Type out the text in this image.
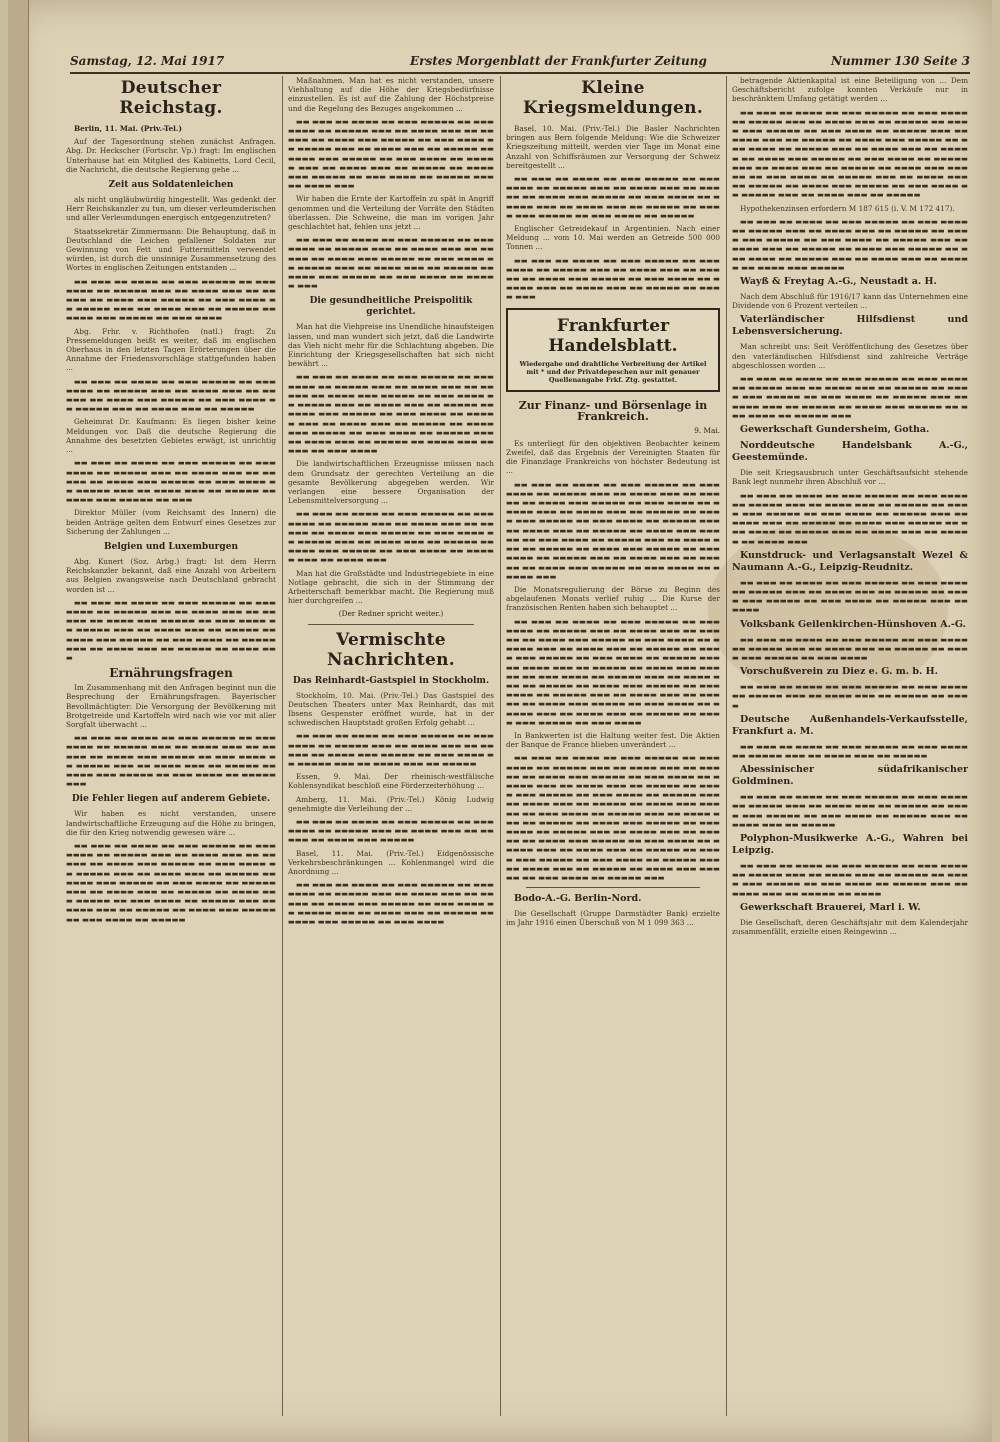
Samstag, 12. Mai 1917	Erstes Morgenblatt der Frankfurter Zeitung	Nummer 130 Seite 3
Deutscher Reichstag.

Berlin, 11. Mai. (Priv.-Tel.)

Auf der Tagesordnung stehen zunächst Anfragen. Abg. Dr. Heckscher (Fortschr. Vp.) fragt: Im englischen Unterhause hat ein Mitglied des Kabinetts, Lord Cecil, die Nachricht, die deutsche Regierung gehe ...

Zeit aus Soldatenleichen

als nicht ungläubwürdig hingestellt. Was gedenkt der Herr Reichskanzler zu tun, um dieser verleumderischen und aller Verleumdungen energisch entgegenzutreten?

Staatssekretär Zimmermann: Die Behauptung, daß in Deutschland die Leichen gefallener Soldaten zur Gewinnung von Fett und Futtermitteln verwendet würden, ist durch die unsinnige Zusammensetzung des Wortes in englischen Zeitungen entstanden ...

▬▬ ▬▬▬ ▬▬ ▬▬▬▬ ▬▬ ▬▬▬ ▬▬▬▬▬ ▬▬ ▬▬▬ ▬▬▬▬ ▬▬ ▬▬▬▬▬ ▬▬▬ ▬▬ ▬▬▬▬ ▬▬▬ ▬▬ ▬▬▬▬▬ ▬▬ ▬▬▬▬ ▬▬▬ ▬▬▬▬▬ ▬▬ ▬▬▬ ▬▬▬▬ ▬▬ ▬▬▬▬▬ ▬▬▬ ▬▬ ▬▬▬▬ ▬▬▬ ▬▬ ▬▬▬▬▬ ▬▬ ▬▬▬▬ ▬▬▬ ▬▬▬▬▬ ▬▬ ▬▬▬ ▬▬▬▬

Abg. Frhr. v. Richthofen (natl.) fragt: Zu Pressemeldungen heißt es weiter, daß im englischen Oberhaus in den letzten Tagen Erörterungen über die Annahme der Friedensvorschläge stattgefunden haben ...

▬▬ ▬▬▬ ▬▬ ▬▬▬▬ ▬▬ ▬▬▬ ▬▬▬▬▬ ▬▬ ▬▬▬ ▬▬▬▬ ▬▬ ▬▬▬▬▬ ▬▬▬ ▬▬ ▬▬▬▬ ▬▬▬ ▬▬ ▬▬▬▬▬ ▬▬ ▬▬▬▬ ▬▬▬ ▬▬▬▬▬ ▬▬ ▬▬▬ ▬▬▬▬ ▬▬ ▬▬▬▬▬ ▬▬▬ ▬▬ ▬▬▬▬ ▬▬▬ ▬▬ ▬▬▬▬▬

Geheimrat Dr. Kaufmann: Es liegen bisher keine Meldungen vor. Daß die deutsche Regierung die Annahme des besetzten Gebietes erwägt, ist unrichtig ...

▬▬ ▬▬▬ ▬▬ ▬▬▬▬ ▬▬ ▬▬▬ ▬▬▬▬▬ ▬▬ ▬▬▬ ▬▬▬▬ ▬▬ ▬▬▬▬▬ ▬▬▬ ▬▬ ▬▬▬▬ ▬▬▬ ▬▬ ▬▬▬▬▬ ▬▬ ▬▬▬▬ ▬▬▬ ▬▬▬▬▬ ▬▬ ▬▬▬ ▬▬▬▬ ▬▬ ▬▬▬▬▬ ▬▬▬ ▬▬ ▬▬▬▬ ▬▬▬ ▬▬ ▬▬▬▬▬ ▬▬ ▬▬▬▬ ▬▬▬ ▬▬▬▬▬ ▬▬ ▬▬▬

Direktor Müller (vom Reichsamt des Innern) die beiden Anträge gelten dem Entwurf eines Gesetzes zur Sicherung der Zahlungen ...

Belgien und Luxemburgen

Abg. Kunert (Soz. Arbg.) fragt: Ist dem Herrn Reichskanzler bekannt, daß eine Anzahl von Arbeitern aus Belgien zwangsweise nach Deutschland gebracht worden ist ...

▬▬ ▬▬▬ ▬▬ ▬▬▬▬ ▬▬ ▬▬▬ ▬▬▬▬▬ ▬▬ ▬▬▬ ▬▬▬▬ ▬▬ ▬▬▬▬▬ ▬▬▬ ▬▬ ▬▬▬▬ ▬▬▬ ▬▬ ▬▬▬▬▬ ▬▬ ▬▬▬▬ ▬▬▬ ▬▬▬▬▬ ▬▬ ▬▬▬ ▬▬▬▬ ▬▬ ▬▬▬▬▬ ▬▬▬ ▬▬ ▬▬▬▬ ▬▬▬ ▬▬ ▬▬▬▬▬ ▬▬ ▬▬▬▬ ▬▬▬ ▬▬▬▬▬ ▬▬ ▬▬▬ ▬▬▬▬ ▬▬ ▬▬▬▬▬ ▬▬▬ ▬▬ ▬▬▬▬ ▬▬▬ ▬▬ ▬▬▬▬▬ ▬▬ ▬▬▬▬ ▬▬▬

Ernährungsfragen

Im Zusammenhang mit den Anfragen beginnt nun die Besprechung der Ernährungsfragen. Bayerischer Bevollmächtigter: Die Versorgung der Bevölkerung mit Brotgetreide und Kartoffeln wird nach wie vor mit aller Sorgfalt überwacht ...

▬▬ ▬▬▬ ▬▬ ▬▬▬▬ ▬▬ ▬▬▬ ▬▬▬▬▬ ▬▬ ▬▬▬ ▬▬▬▬ ▬▬ ▬▬▬▬▬ ▬▬▬ ▬▬ ▬▬▬▬ ▬▬▬ ▬▬ ▬▬▬▬▬ ▬▬ ▬▬▬▬ ▬▬▬ ▬▬▬▬▬ ▬▬ ▬▬▬ ▬▬▬▬ ▬▬ ▬▬▬▬▬ ▬▬▬ ▬▬ ▬▬▬▬ ▬▬▬ ▬▬ ▬▬▬▬▬ ▬▬ ▬▬▬▬ ▬▬▬ ▬▬▬▬▬ ▬▬ ▬▬▬ ▬▬▬▬ ▬▬ ▬▬▬▬▬ ▬▬▬

Die Fehler liegen auf anderem Gebiete.

Wir haben es nicht verstanden, unsere landwirtschaftliche Erzeugung auf die Höhe zu bringen, die für den Krieg notwendig gewesen wäre ...

▬▬ ▬▬▬ ▬▬ ▬▬▬▬ ▬▬ ▬▬▬ ▬▬▬▬▬ ▬▬ ▬▬▬ ▬▬▬▬ ▬▬ ▬▬▬▬▬ ▬▬▬ ▬▬ ▬▬▬▬ ▬▬▬ ▬▬ ▬▬▬▬▬ ▬▬ ▬▬▬▬ ▬▬▬ ▬▬▬▬▬ ▬▬ ▬▬▬ ▬▬▬▬ ▬▬ ▬▬▬▬▬ ▬▬▬ ▬▬ ▬▬▬▬ ▬▬▬ ▬▬ ▬▬▬▬▬ ▬▬ ▬▬▬▬ ▬▬▬ ▬▬▬▬▬ ▬▬ ▬▬▬ ▬▬▬▬ ▬▬ ▬▬▬▬▬ ▬▬▬ ▬▬ ▬▬▬▬ ▬▬▬ ▬▬ ▬▬▬▬▬ ▬▬ ▬▬▬▬ ▬▬▬ ▬▬▬▬▬ ▬▬ ▬▬▬ ▬▬▬▬ ▬▬ ▬▬▬▬▬ ▬▬▬ ▬▬ ▬▬▬▬ ▬▬▬ ▬▬ ▬▬▬▬▬ ▬▬ ▬▬▬▬ ▬▬▬ ▬▬▬▬▬ ▬▬ ▬▬▬ ▬▬▬▬ ▬▬ ▬▬▬▬▬

Maßnahmen. Man hat es nicht verstanden, unsere Viehhaltung auf die Höhe der Kriegsbedürfnisse einzustellen. Es ist auf die Zahlung der Höchstpreise und die Regelung des Bezuges angekommen ...

▬▬ ▬▬▬ ▬▬ ▬▬▬▬ ▬▬ ▬▬▬ ▬▬▬▬▬ ▬▬ ▬▬▬ ▬▬▬▬ ▬▬ ▬▬▬▬▬ ▬▬▬ ▬▬ ▬▬▬▬ ▬▬▬ ▬▬ ▬▬▬▬▬ ▬▬ ▬▬▬▬ ▬▬▬ ▬▬▬▬▬ ▬▬ ▬▬▬ ▬▬▬▬ ▬▬ ▬▬▬▬▬ ▬▬▬ ▬▬ ▬▬▬▬ ▬▬▬ ▬▬ ▬▬▬▬▬ ▬▬ ▬▬▬▬ ▬▬▬ ▬▬▬▬▬ ▬▬ ▬▬▬ ▬▬▬▬ ▬▬ ▬▬▬▬▬ ▬▬▬ ▬▬ ▬▬▬▬ ▬▬▬ ▬▬ ▬▬▬▬▬ ▬▬ ▬▬▬▬ ▬▬▬ ▬▬▬▬▬ ▬▬ ▬▬▬ ▬▬▬▬ ▬▬ ▬▬▬▬▬ ▬▬▬ ▬▬ ▬▬▬▬ ▬▬▬

Wir haben die Ernte der Kartoffeln zu spät in Angriff genommen und die Verteilung der Vorräte den Städten überlassen. Die Schweine, die man im vorigen Jahr geschlachtet hat, fehlen uns jetzt ...

▬▬ ▬▬▬ ▬▬ ▬▬▬▬ ▬▬ ▬▬▬ ▬▬▬▬▬ ▬▬ ▬▬▬ ▬▬▬▬ ▬▬ ▬▬▬▬▬ ▬▬▬ ▬▬ ▬▬▬▬ ▬▬▬ ▬▬ ▬▬▬▬▬ ▬▬ ▬▬▬▬ ▬▬▬ ▬▬▬▬▬ ▬▬ ▬▬▬ ▬▬▬▬ ▬▬ ▬▬▬▬▬ ▬▬▬ ▬▬ ▬▬▬▬ ▬▬▬ ▬▬ ▬▬▬▬▬ ▬▬ ▬▬▬▬ ▬▬▬ ▬▬▬▬▬ ▬▬ ▬▬▬ ▬▬▬▬ ▬▬ ▬▬▬▬▬ ▬▬▬

Die gesundheitliche Preispolitik gerichtet.

Man hat die Viehpreise ins Unendliche hinaufsteigen lassen, und man wundert sich jetzt, daß die Landwirte das Vieh nicht mehr für die Schlachtung abgeben. Die Einrichtung der Kriegsgesellschaften hat sich nicht bewährt ...

▬▬ ▬▬▬ ▬▬ ▬▬▬▬ ▬▬ ▬▬▬ ▬▬▬▬▬ ▬▬ ▬▬▬ ▬▬▬▬ ▬▬ ▬▬▬▬▬ ▬▬▬ ▬▬ ▬▬▬▬ ▬▬▬ ▬▬ ▬▬▬▬▬ ▬▬ ▬▬▬▬ ▬▬▬ ▬▬▬▬▬ ▬▬ ▬▬▬ ▬▬▬▬ ▬▬ ▬▬▬▬▬ ▬▬▬ ▬▬ ▬▬▬▬ ▬▬▬ ▬▬ ▬▬▬▬▬ ▬▬ ▬▬▬▬ ▬▬▬ ▬▬▬▬▬ ▬▬ ▬▬▬ ▬▬▬▬ ▬▬ ▬▬▬▬▬ ▬▬▬ ▬▬ ▬▬▬▬ ▬▬▬ ▬▬ ▬▬▬▬▬ ▬▬ ▬▬▬▬ ▬▬▬ ▬▬▬▬▬ ▬▬ ▬▬▬ ▬▬▬▬ ▬▬ ▬▬▬▬▬ ▬▬▬ ▬▬ ▬▬▬▬ ▬▬▬ ▬▬ ▬▬▬▬▬ ▬▬ ▬▬▬▬ ▬▬▬ ▬▬▬▬▬ ▬▬ ▬▬▬ ▬▬▬▬

Die landwirtschaftlichen Erzeugnisse müssen nach dem Grundsatz der gerechten Verteilung an die gesamte Bevölkerung abgegeben werden. Wir verlangen eine bessere Organisation der Lebensmittelversorgung ...

▬▬ ▬▬▬ ▬▬ ▬▬▬▬ ▬▬ ▬▬▬ ▬▬▬▬▬ ▬▬ ▬▬▬ ▬▬▬▬ ▬▬ ▬▬▬▬▬ ▬▬▬ ▬▬ ▬▬▬▬ ▬▬▬ ▬▬ ▬▬▬▬▬ ▬▬ ▬▬▬▬ ▬▬▬ ▬▬▬▬▬ ▬▬ ▬▬▬ ▬▬▬▬ ▬▬ ▬▬▬▬▬ ▬▬▬ ▬▬ ▬▬▬▬ ▬▬▬ ▬▬ ▬▬▬▬▬ ▬▬ ▬▬▬▬ ▬▬▬ ▬▬▬▬▬ ▬▬ ▬▬▬ ▬▬▬▬ ▬▬ ▬▬▬▬▬ ▬▬▬ ▬▬ ▬▬▬▬ ▬▬▬

Man hat die Großstädte und Industriegebiete in eine Notlage gebracht, die sich in der Stimmung der Arbeiterschaft bemerkbar macht. Die Regierung muß hier durchgreifen ...

(Der Redner spricht weiter.)

Vermischte Nachrichten.
Das Reinhardt-Gastspiel in Stockholm.

Stockholm, 10. Mai. (Priv.-Tel.) Das Gastspiel des Deutschen Theaters unter Max Reinhardt, das mit Ibsens Gespenster eröffnet wurde, hat in der schwedischen Hauptstadt großen Erfolg gehabt ...

▬▬ ▬▬▬ ▬▬ ▬▬▬▬ ▬▬ ▬▬▬ ▬▬▬▬▬ ▬▬ ▬▬▬ ▬▬▬▬ ▬▬ ▬▬▬▬▬ ▬▬▬ ▬▬ ▬▬▬▬ ▬▬▬ ▬▬ ▬▬▬▬▬ ▬▬ ▬▬▬▬ ▬▬▬ ▬▬▬▬▬ ▬▬ ▬▬▬ ▬▬▬▬ ▬▬ ▬▬▬▬▬ ▬▬▬ ▬▬ ▬▬▬▬ ▬▬▬ ▬▬ ▬▬▬▬▬

Essen, 9. Mai. Der rheinisch-westfälische Kohlensyndikat beschloß eine Förderzeiterhöhung ...

Amberg, 11. Mai. (Priv.-Tel.) König Ludwig genehmigte die Verleihung der ...

▬▬ ▬▬▬ ▬▬ ▬▬▬▬ ▬▬ ▬▬▬ ▬▬▬▬▬ ▬▬ ▬▬▬ ▬▬▬▬ ▬▬ ▬▬▬▬▬ ▬▬▬ ▬▬ ▬▬▬▬ ▬▬▬ ▬▬ ▬▬▬▬▬ ▬▬ ▬▬▬▬ ▬▬▬ ▬▬▬▬▬

Basel, 11. Mai. (Priv.-Tel.) Eidgenössische Verkehrsbeschränkungen ... Kohlenmangel wird die Anordnung ...

▬▬ ▬▬▬ ▬▬ ▬▬▬▬ ▬▬ ▬▬▬ ▬▬▬▬▬ ▬▬ ▬▬▬ ▬▬▬▬ ▬▬ ▬▬▬▬▬ ▬▬▬ ▬▬ ▬▬▬▬ ▬▬▬ ▬▬ ▬▬▬▬▬ ▬▬ ▬▬▬▬ ▬▬▬ ▬▬▬▬▬ ▬▬ ▬▬▬ ▬▬▬▬ ▬▬ ▬▬▬▬▬ ▬▬▬ ▬▬ ▬▬▬▬ ▬▬▬ ▬▬ ▬▬▬▬▬ ▬▬ ▬▬▬▬ ▬▬▬ ▬▬▬▬▬ ▬▬ ▬▬▬ ▬▬▬▬

Kleine Kriegsmeldungen.

Basel, 10. Mai. (Priv.-Tel.) Die Basler Nachrichten bringen aus Bern folgende Meldung: Wie die Schweizer Kriegszeitung mitteilt, werden vier Tage im Monat eine Anzahl von Schiffsräumen zur Versorgung der Schweiz bereitgestellt ...

▬▬ ▬▬▬ ▬▬ ▬▬▬▬ ▬▬ ▬▬▬ ▬▬▬▬▬ ▬▬ ▬▬▬ ▬▬▬▬ ▬▬ ▬▬▬▬▬ ▬▬▬ ▬▬ ▬▬▬▬ ▬▬▬ ▬▬ ▬▬▬▬▬ ▬▬ ▬▬▬▬ ▬▬▬ ▬▬▬▬▬ ▬▬ ▬▬▬ ▬▬▬▬ ▬▬ ▬▬▬▬▬ ▬▬▬ ▬▬ ▬▬▬▬ ▬▬▬ ▬▬ ▬▬▬▬▬ ▬▬ ▬▬▬▬ ▬▬▬ ▬▬▬▬▬ ▬▬ ▬▬▬ ▬▬▬▬ ▬▬ ▬▬▬▬▬

Englischer Getreidekauf in Argentinien. Nach einer Meldung ... vom 10. Mai werden an Getreide 500 000 Tonnen ...

▬▬ ▬▬▬ ▬▬ ▬▬▬▬ ▬▬ ▬▬▬ ▬▬▬▬▬ ▬▬ ▬▬▬ ▬▬▬▬ ▬▬ ▬▬▬▬▬ ▬▬▬ ▬▬ ▬▬▬▬ ▬▬▬ ▬▬ ▬▬▬▬▬ ▬▬ ▬▬▬▬ ▬▬▬ ▬▬▬▬▬ ▬▬ ▬▬▬ ▬▬▬▬ ▬▬ ▬▬▬▬▬ ▬▬▬ ▬▬ ▬▬▬▬ ▬▬▬ ▬▬ ▬▬▬▬▬ ▬▬ ▬▬▬▬ ▬▬▬

Frankfurter Handelsblatt.
Wiedergabe und drahtliche Verbreitung der Artikel mit * und der Privatdepeschen nur mit genauer Quellenangabe Frkf. Ztg. gestattet.
Zur Finanz- und Börsenlage in Frankreich.

9. Mai.

Es unterliegt für den objektiven Beobachter keinem Zweifel, daß das Ergebnis der Vereinigten Staaten für die Finanzlage Frankreichs von höchster Bedeutung ist ...

▬▬ ▬▬▬ ▬▬ ▬▬▬▬ ▬▬ ▬▬▬ ▬▬▬▬▬ ▬▬ ▬▬▬ ▬▬▬▬ ▬▬ ▬▬▬▬▬ ▬▬▬ ▬▬ ▬▬▬▬ ▬▬▬ ▬▬ ▬▬▬▬▬ ▬▬ ▬▬▬▬ ▬▬▬ ▬▬▬▬▬ ▬▬ ▬▬▬ ▬▬▬▬ ▬▬ ▬▬▬▬▬ ▬▬▬ ▬▬ ▬▬▬▬ ▬▬▬ ▬▬ ▬▬▬▬▬ ▬▬ ▬▬▬▬ ▬▬▬ ▬▬▬▬▬ ▬▬ ▬▬▬ ▬▬▬▬ ▬▬ ▬▬▬▬▬ ▬▬▬ ▬▬ ▬▬▬▬ ▬▬▬ ▬▬ ▬▬▬▬▬ ▬▬ ▬▬▬▬ ▬▬▬ ▬▬▬▬▬ ▬▬ ▬▬▬ ▬▬▬▬ ▬▬ ▬▬▬▬▬ ▬▬▬ ▬▬ ▬▬▬▬ ▬▬▬ ▬▬ ▬▬▬▬▬ ▬▬ ▬▬▬▬ ▬▬▬ ▬▬▬▬▬ ▬▬ ▬▬▬ ▬▬▬▬ ▬▬ ▬▬▬▬▬ ▬▬▬ ▬▬ ▬▬▬▬ ▬▬▬ ▬▬ ▬▬▬▬▬ ▬▬ ▬▬▬▬ ▬▬▬ ▬▬▬▬▬ ▬▬ ▬▬▬ ▬▬▬▬ ▬▬ ▬▬▬▬▬ ▬▬▬

Die Monatsregulierung der Börse zu Beginn des abgelaufenen Monats verlief ruhig ... Die Kurse der französischen Renten haben sich behauptet ...

▬▬ ▬▬▬ ▬▬ ▬▬▬▬ ▬▬ ▬▬▬ ▬▬▬▬▬ ▬▬ ▬▬▬ ▬▬▬▬ ▬▬ ▬▬▬▬▬ ▬▬▬ ▬▬ ▬▬▬▬ ▬▬▬ ▬▬ ▬▬▬▬▬ ▬▬ ▬▬▬▬ ▬▬▬ ▬▬▬▬▬ ▬▬ ▬▬▬ ▬▬▬▬ ▬▬ ▬▬▬▬▬ ▬▬▬ ▬▬ ▬▬▬▬ ▬▬▬ ▬▬ ▬▬▬▬▬ ▬▬ ▬▬▬▬ ▬▬▬ ▬▬▬▬▬ ▬▬ ▬▬▬ ▬▬▬▬ ▬▬ ▬▬▬▬▬ ▬▬▬ ▬▬ ▬▬▬▬ ▬▬▬ ▬▬ ▬▬▬▬▬ ▬▬ ▬▬▬▬ ▬▬▬ ▬▬▬▬▬ ▬▬ ▬▬▬ ▬▬▬▬ ▬▬ ▬▬▬▬▬ ▬▬▬ ▬▬ ▬▬▬▬ ▬▬▬ ▬▬ ▬▬▬▬▬ ▬▬ ▬▬▬▬ ▬▬▬ ▬▬▬▬▬ ▬▬ ▬▬▬ ▬▬▬▬ ▬▬ ▬▬▬▬▬ ▬▬▬ ▬▬ ▬▬▬▬ ▬▬▬ ▬▬ ▬▬▬▬▬ ▬▬ ▬▬▬▬ ▬▬▬ ▬▬▬▬▬ ▬▬ ▬▬▬ ▬▬▬▬ ▬▬ ▬▬▬▬▬ ▬▬▬ ▬▬ ▬▬▬▬ ▬▬▬ ▬▬ ▬▬▬▬▬ ▬▬ ▬▬▬▬ ▬▬▬ ▬▬▬▬▬ ▬▬ ▬▬▬ ▬▬▬▬

In Bankwerten ist die Haltung weiter fest. Die Aktien der Banque de France blieben unverändert ...

▬▬ ▬▬▬ ▬▬ ▬▬▬▬ ▬▬ ▬▬▬ ▬▬▬▬▬ ▬▬ ▬▬▬ ▬▬▬▬ ▬▬ ▬▬▬▬▬ ▬▬▬ ▬▬ ▬▬▬▬ ▬▬▬ ▬▬ ▬▬▬▬▬ ▬▬ ▬▬▬▬ ▬▬▬ ▬▬▬▬▬ ▬▬ ▬▬▬ ▬▬▬▬ ▬▬ ▬▬▬▬▬ ▬▬▬ ▬▬ ▬▬▬▬ ▬▬▬ ▬▬ ▬▬▬▬▬ ▬▬ ▬▬▬▬ ▬▬▬ ▬▬▬▬▬ ▬▬ ▬▬▬ ▬▬▬▬ ▬▬ ▬▬▬▬▬ ▬▬▬ ▬▬ ▬▬▬▬ ▬▬▬ ▬▬ ▬▬▬▬▬ ▬▬ ▬▬▬▬ ▬▬▬ ▬▬▬▬▬ ▬▬ ▬▬▬ ▬▬▬▬ ▬▬ ▬▬▬▬▬ ▬▬▬ ▬▬ ▬▬▬▬ ▬▬▬ ▬▬ ▬▬▬▬▬ ▬▬ ▬▬▬▬ ▬▬▬ ▬▬▬▬▬ ▬▬ ▬▬▬ ▬▬▬▬ ▬▬ ▬▬▬▬▬ ▬▬▬ ▬▬ ▬▬▬▬ ▬▬▬ ▬▬ ▬▬▬▬▬ ▬▬ ▬▬▬▬ ▬▬▬ ▬▬▬▬▬ ▬▬ ▬▬▬ ▬▬▬▬ ▬▬ ▬▬▬▬▬ ▬▬▬ ▬▬ ▬▬▬▬ ▬▬▬ ▬▬ ▬▬▬▬▬ ▬▬ ▬▬▬▬ ▬▬▬ ▬▬▬▬▬ ▬▬ ▬▬▬ ▬▬▬▬ ▬▬ ▬▬▬▬▬ ▬▬▬ ▬▬ ▬▬▬▬ ▬▬▬ ▬▬ ▬▬▬▬▬ ▬▬ ▬▬▬▬ ▬▬▬ ▬▬▬▬▬ ▬▬ ▬▬▬ ▬▬▬▬ ▬▬ ▬▬▬▬▬ ▬▬▬

Bodo-A.-G. Berlin-Nord.

Die Gesellschaft (Gruppe Darmstädter Bank) erzielte im Jahr 1916 einen Überschuß von M 1 099 363 ...

betragende Aktienkapital ist eine Beteiligung von ... Dem Geschäftsbericht zufolge konnten Verkäufe nur in beschränktem Umfang getätigt werden ...

▬▬ ▬▬▬ ▬▬ ▬▬▬▬ ▬▬ ▬▬▬ ▬▬▬▬▬ ▬▬ ▬▬▬ ▬▬▬▬ ▬▬ ▬▬▬▬▬ ▬▬▬ ▬▬ ▬▬▬▬ ▬▬▬ ▬▬ ▬▬▬▬▬ ▬▬ ▬▬▬▬ ▬▬▬ ▬▬▬▬▬ ▬▬ ▬▬▬ ▬▬▬▬ ▬▬ ▬▬▬▬▬ ▬▬▬ ▬▬ ▬▬▬▬ ▬▬▬ ▬▬ ▬▬▬▬▬ ▬▬ ▬▬▬▬ ▬▬▬ ▬▬▬▬▬ ▬▬ ▬▬▬ ▬▬▬▬ ▬▬ ▬▬▬▬▬ ▬▬▬ ▬▬ ▬▬▬▬ ▬▬▬ ▬▬ ▬▬▬▬▬ ▬▬ ▬▬▬▬ ▬▬▬ ▬▬▬▬▬ ▬▬ ▬▬▬ ▬▬▬▬ ▬▬ ▬▬▬▬▬ ▬▬▬ ▬▬ ▬▬▬▬ ▬▬▬ ▬▬ ▬▬▬▬▬ ▬▬ ▬▬▬▬ ▬▬▬ ▬▬▬▬▬ ▬▬ ▬▬▬ ▬▬▬▬ ▬▬ ▬▬▬▬▬ ▬▬▬ ▬▬ ▬▬▬▬ ▬▬▬ ▬▬ ▬▬▬▬▬ ▬▬ ▬▬▬▬ ▬▬▬ ▬▬▬▬▬ ▬▬ ▬▬▬ ▬▬▬▬ ▬▬ ▬▬▬▬▬ ▬▬▬ ▬▬ ▬▬▬▬ ▬▬▬ ▬▬ ▬▬▬▬▬

Hypothekenzinsen erfordern M 187 615 (i. V. M 172 417).

▬▬ ▬▬▬ ▬▬ ▬▬▬▬ ▬▬ ▬▬▬ ▬▬▬▬▬ ▬▬ ▬▬▬ ▬▬▬▬ ▬▬ ▬▬▬▬▬ ▬▬▬ ▬▬ ▬▬▬▬ ▬▬▬ ▬▬ ▬▬▬▬▬ ▬▬ ▬▬▬▬ ▬▬▬ ▬▬▬▬▬ ▬▬ ▬▬▬ ▬▬▬▬ ▬▬ ▬▬▬▬▬ ▬▬▬ ▬▬ ▬▬▬▬ ▬▬▬ ▬▬ ▬▬▬▬▬ ▬▬ ▬▬▬▬ ▬▬▬ ▬▬▬▬▬ ▬▬ ▬▬▬ ▬▬▬▬ ▬▬ ▬▬▬▬▬ ▬▬▬ ▬▬ ▬▬▬▬ ▬▬▬ ▬▬ ▬▬▬▬▬ ▬▬ ▬▬▬▬ ▬▬▬ ▬▬▬▬▬

Wayß & Freytag A.-G., Neustadt a. H.

Nach dem Abschluß für 1916/17 kann das Unternehmen eine Dividende von 6 Prozent verteilen ...

Vaterländischer Hilfsdienst und Lebensversicherung.

Man schreibt uns: Seit Veröffentlichung des Gesetzes über den vaterländischen Hilfsdienst sind zahlreiche Verträge abgeschlossen worden ...

▬▬ ▬▬▬ ▬▬ ▬▬▬▬ ▬▬ ▬▬▬ ▬▬▬▬▬ ▬▬ ▬▬▬ ▬▬▬▬ ▬▬ ▬▬▬▬▬ ▬▬▬ ▬▬ ▬▬▬▬ ▬▬▬ ▬▬ ▬▬▬▬▬ ▬▬ ▬▬▬▬ ▬▬▬ ▬▬▬▬▬ ▬▬ ▬▬▬ ▬▬▬▬ ▬▬ ▬▬▬▬▬ ▬▬▬ ▬▬ ▬▬▬▬ ▬▬▬ ▬▬ ▬▬▬▬▬ ▬▬ ▬▬▬▬ ▬▬▬ ▬▬▬▬▬ ▬▬ ▬▬▬ ▬▬▬▬ ▬▬ ▬▬▬▬▬ ▬▬▬

Gewerkschaft Gundersheim, Gotha.

Norddeutsche Handelsbank A.-G., Geestemünde.

Die seit Kriegsausbruch unter Geschäftsaufsicht stehende Bank legt nunmehr ihren Abschluß vor ...

▬▬ ▬▬▬ ▬▬ ▬▬▬▬ ▬▬ ▬▬▬ ▬▬▬▬▬ ▬▬ ▬▬▬ ▬▬▬▬ ▬▬ ▬▬▬▬▬ ▬▬▬ ▬▬ ▬▬▬▬ ▬▬▬ ▬▬ ▬▬▬▬▬ ▬▬ ▬▬▬▬ ▬▬▬ ▬▬▬▬▬ ▬▬ ▬▬▬ ▬▬▬▬ ▬▬ ▬▬▬▬▬ ▬▬▬ ▬▬ ▬▬▬▬ ▬▬▬ ▬▬ ▬▬▬▬▬ ▬▬ ▬▬▬▬ ▬▬▬ ▬▬▬▬▬ ▬▬ ▬▬▬ ▬▬▬▬ ▬▬ ▬▬▬▬▬ ▬▬▬ ▬▬ ▬▬▬▬ ▬▬▬ ▬▬ ▬▬▬▬▬ ▬▬ ▬▬▬▬ ▬▬▬

Kunstdruck- und Verlagsanstalt Wezel & Naumann A.-G., Leipzig-Reudnitz.

▬▬ ▬▬▬ ▬▬ ▬▬▬▬ ▬▬ ▬▬▬ ▬▬▬▬▬ ▬▬ ▬▬▬ ▬▬▬▬ ▬▬ ▬▬▬▬▬ ▬▬▬ ▬▬ ▬▬▬▬ ▬▬▬ ▬▬ ▬▬▬▬▬ ▬▬ ▬▬▬▬ ▬▬▬ ▬▬▬▬▬ ▬▬ ▬▬▬ ▬▬▬▬ ▬▬ ▬▬▬▬▬ ▬▬▬ ▬▬ ▬▬▬▬

Volksbank Geilenkirchen-Hünshoven A.-G.

▬▬ ▬▬▬ ▬▬ ▬▬▬▬ ▬▬ ▬▬▬ ▬▬▬▬▬ ▬▬ ▬▬▬ ▬▬▬▬ ▬▬ ▬▬▬▬▬ ▬▬▬ ▬▬ ▬▬▬▬ ▬▬▬ ▬▬ ▬▬▬▬▬ ▬▬ ▬▬▬▬ ▬▬▬ ▬▬▬▬▬ ▬▬ ▬▬▬ ▬▬▬▬

Vorschußverein zu Diez e. G. m. b. H.

▬▬ ▬▬▬ ▬▬ ▬▬▬▬ ▬▬ ▬▬▬ ▬▬▬▬▬ ▬▬ ▬▬▬ ▬▬▬▬ ▬▬ ▬▬▬▬▬ ▬▬▬ ▬▬ ▬▬▬▬ ▬▬▬ ▬▬ ▬▬▬▬▬ ▬▬ ▬▬▬▬

Deutsche Außenhandels-Verkaufsstelle, Frankfurt a. M.

▬▬ ▬▬▬ ▬▬ ▬▬▬▬ ▬▬ ▬▬▬ ▬▬▬▬▬ ▬▬ ▬▬▬ ▬▬▬▬ ▬▬ ▬▬▬▬▬ ▬▬▬ ▬▬ ▬▬▬▬ ▬▬▬ ▬▬ ▬▬▬▬▬

Abessinischer südafrikanischer Goldminen.

▬▬ ▬▬▬ ▬▬ ▬▬▬▬ ▬▬ ▬▬▬ ▬▬▬▬▬ ▬▬ ▬▬▬ ▬▬▬▬ ▬▬ ▬▬▬▬▬ ▬▬▬ ▬▬ ▬▬▬▬ ▬▬▬ ▬▬ ▬▬▬▬▬ ▬▬ ▬▬▬▬ ▬▬▬ ▬▬▬▬▬ ▬▬ ▬▬▬ ▬▬▬▬ ▬▬ ▬▬▬▬▬ ▬▬▬ ▬▬ ▬▬▬▬ ▬▬▬ ▬▬ ▬▬▬▬▬

Polyphon-Musikwerke A.-G., Wahren bei Leipzig.

▬▬ ▬▬▬ ▬▬ ▬▬▬▬ ▬▬ ▬▬▬ ▬▬▬▬▬ ▬▬ ▬▬▬ ▬▬▬▬ ▬▬ ▬▬▬▬▬ ▬▬▬ ▬▬ ▬▬▬▬ ▬▬▬ ▬▬ ▬▬▬▬▬ ▬▬ ▬▬▬▬ ▬▬▬ ▬▬▬▬▬ ▬▬ ▬▬▬ ▬▬▬▬ ▬▬ ▬▬▬▬▬ ▬▬▬ ▬▬ ▬▬▬▬ ▬▬▬ ▬▬ ▬▬▬▬▬ ▬▬ ▬▬▬▬

Gewerkschaft Brauerei, Marl i. W.

Die Gesellschaft, deren Geschäftsjahr mit dem Kalenderjahr zusammenfällt, erzielte einen Reingewinn ...
